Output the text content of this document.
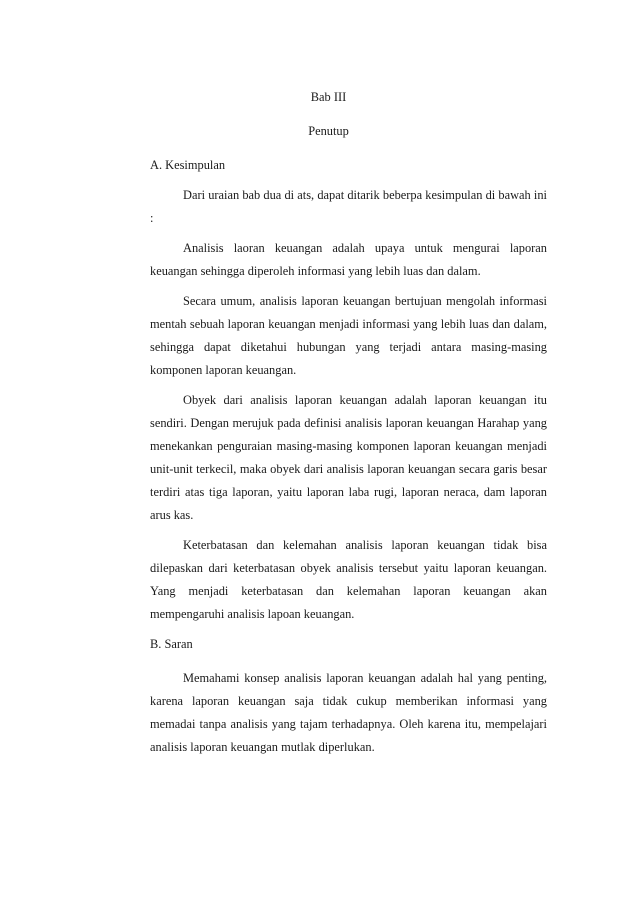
Bab III

Penutup

A. Kesimpulan

Dari uraian bab dua di ats, dapat ditarik beberpa kesimpulan di bawah ini :

Analisis laoran keuangan adalah upaya untuk mengurai laporan keuangan sehingga diperoleh informasi yang lebih luas dan dalam.

Secara umum, analisis laporan keuangan bertujuan mengolah informasi mentah sebuah laporan keuangan menjadi informasi yang lebih luas dan dalam, sehingga dapat diketahui hubungan yang terjadi antara masing-masing komponen laporan keuangan.

Obyek dari analisis laporan keuangan adalah laporan keuangan itu sendiri. Dengan merujuk pada definisi analisis laporan keuangan Harahap yang menekankan penguraian masing-masing komponen laporan keuangan menjadi unit-unit terkecil, maka obyek dari analisis laporan keuangan secara garis besar terdiri atas tiga laporan, yaitu laporan laba rugi, laporan neraca, dam laporan arus kas.

Keterbatasan dan kelemahan analisis laporan keuangan tidak bisa dilepaskan dari keterbatasan obyek analisis tersebut yaitu laporan keuangan. Yang menjadi keterbatasan dan kelemahan laporan keuangan akan mempengaruhi analisis lapoan keuangan.

B. Saran

Memahami konsep analisis laporan keuangan adalah hal yang penting, karena laporan keuangan saja tidak cukup memberikan informasi yang memadai tanpa analisis yang tajam terhadapnya. Oleh karena itu, mempelajari analisis laporan keuangan mutlak diperlukan.
